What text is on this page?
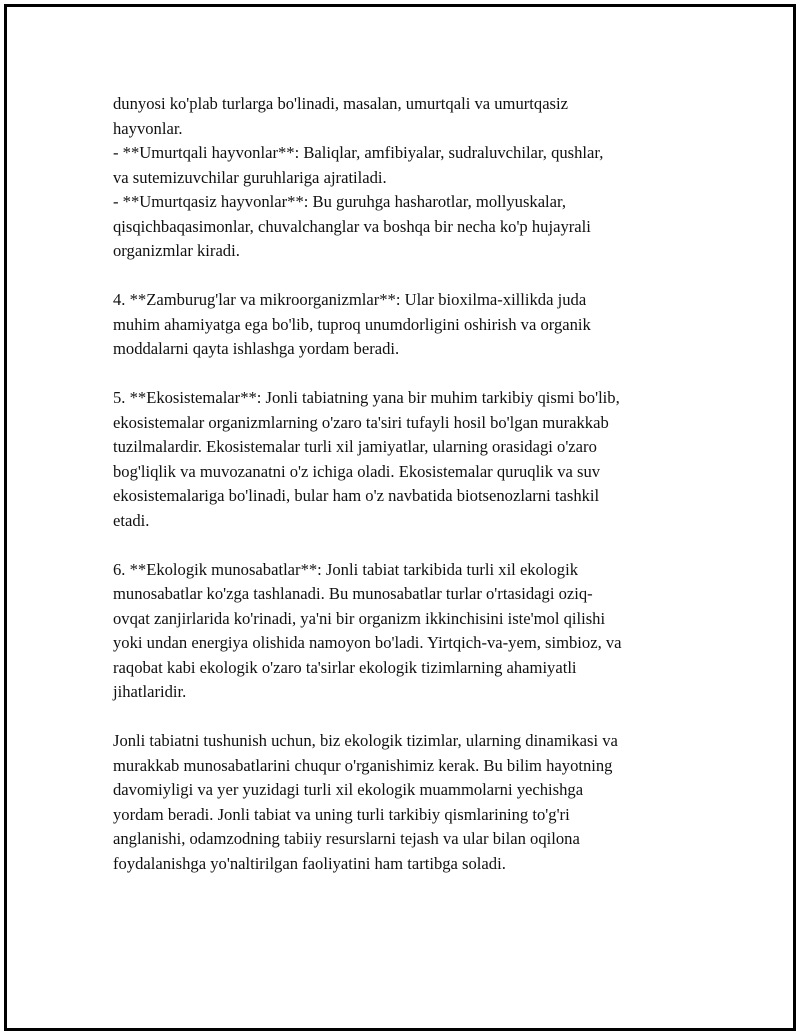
dunyosi ko'plab turlarga bo'linadi, masalan, umurtqali va umurtqasiz
hayvonlar.
- **Umurtqali hayvonlar**: Baliqlar, amfibiyalar, sudraluvchilar, qushlar,
va sutemizuvchilar guruhlariga ajratiladi.
- **Umurtqasiz hayvonlar**: Bu guruhga hasharotlar, mollyuskalar,
qisqichbaqasimonlar, chuvalchanglar va boshqa bir necha ko'p hujayrali
organizmlar kiradi.

4. **Zamburug'lar va mikroorganizmlar**: Ular bioxilma-xillikda juda
muhim ahamiyatga ega bo'lib, tuproq unumdorligini oshirish va organik
moddalarni qayta ishlashga yordam beradi.

5. **Ekosistemalar**: Jonli tabiatning yana bir muhim tarkibiy qismi bo'lib,
ekosistemalar organizmlarning o'zaro ta'siri tufayli hosil bo'lgan murakkab
tuzilmalardir. Ekosistemalar turli xil jamiyatlar, ularning orasidagi o'zaro
bog'liqlik va muvozanatni o'z ichiga oladi. Ekosistemalar quruqlik va suv
ekosistemalariga bo'linadi, bular ham o'z navbatida biotsenozlarni tashkil
etadi.

6. **Ekologik munosabatlar**: Jonli tabiat tarkibida turli xil ekologik
munosabatlar ko'zga tashlanadi. Bu munosabatlar turlar o'rtasidagi oziq-
ovqat zanjirlarida ko'rinadi, ya'ni bir organizm ikkinchisini iste'mol qilishi
yoki undan energiya olishida namoyon bo'ladi. Yirtqich-va-yem, simbioz, va
raqobat kabi ekologik o'zaro ta'sirlar ekologik tizimlarning ahamiyatli
jihatlaridir.

Jonli tabiatni tushunish uchun, biz ekologik tizimlar, ularning dinamikasi va
murakkab munosabatlarini chuqur o'rganishimiz kerak. Bu bilim hayotning
davomiyligi va yer yuzidagi turli xil ekologik muammolarni yechishga
yordam beradi. Jonli tabiat va uning turli tarkibiy qismlarining to'g'ri
anglanishi, odamzodning tabiiy resurslarni tejash va ular bilan oqilona
foydalanishga yo'naltirilgan faoliyatini ham tartibga soladi.
